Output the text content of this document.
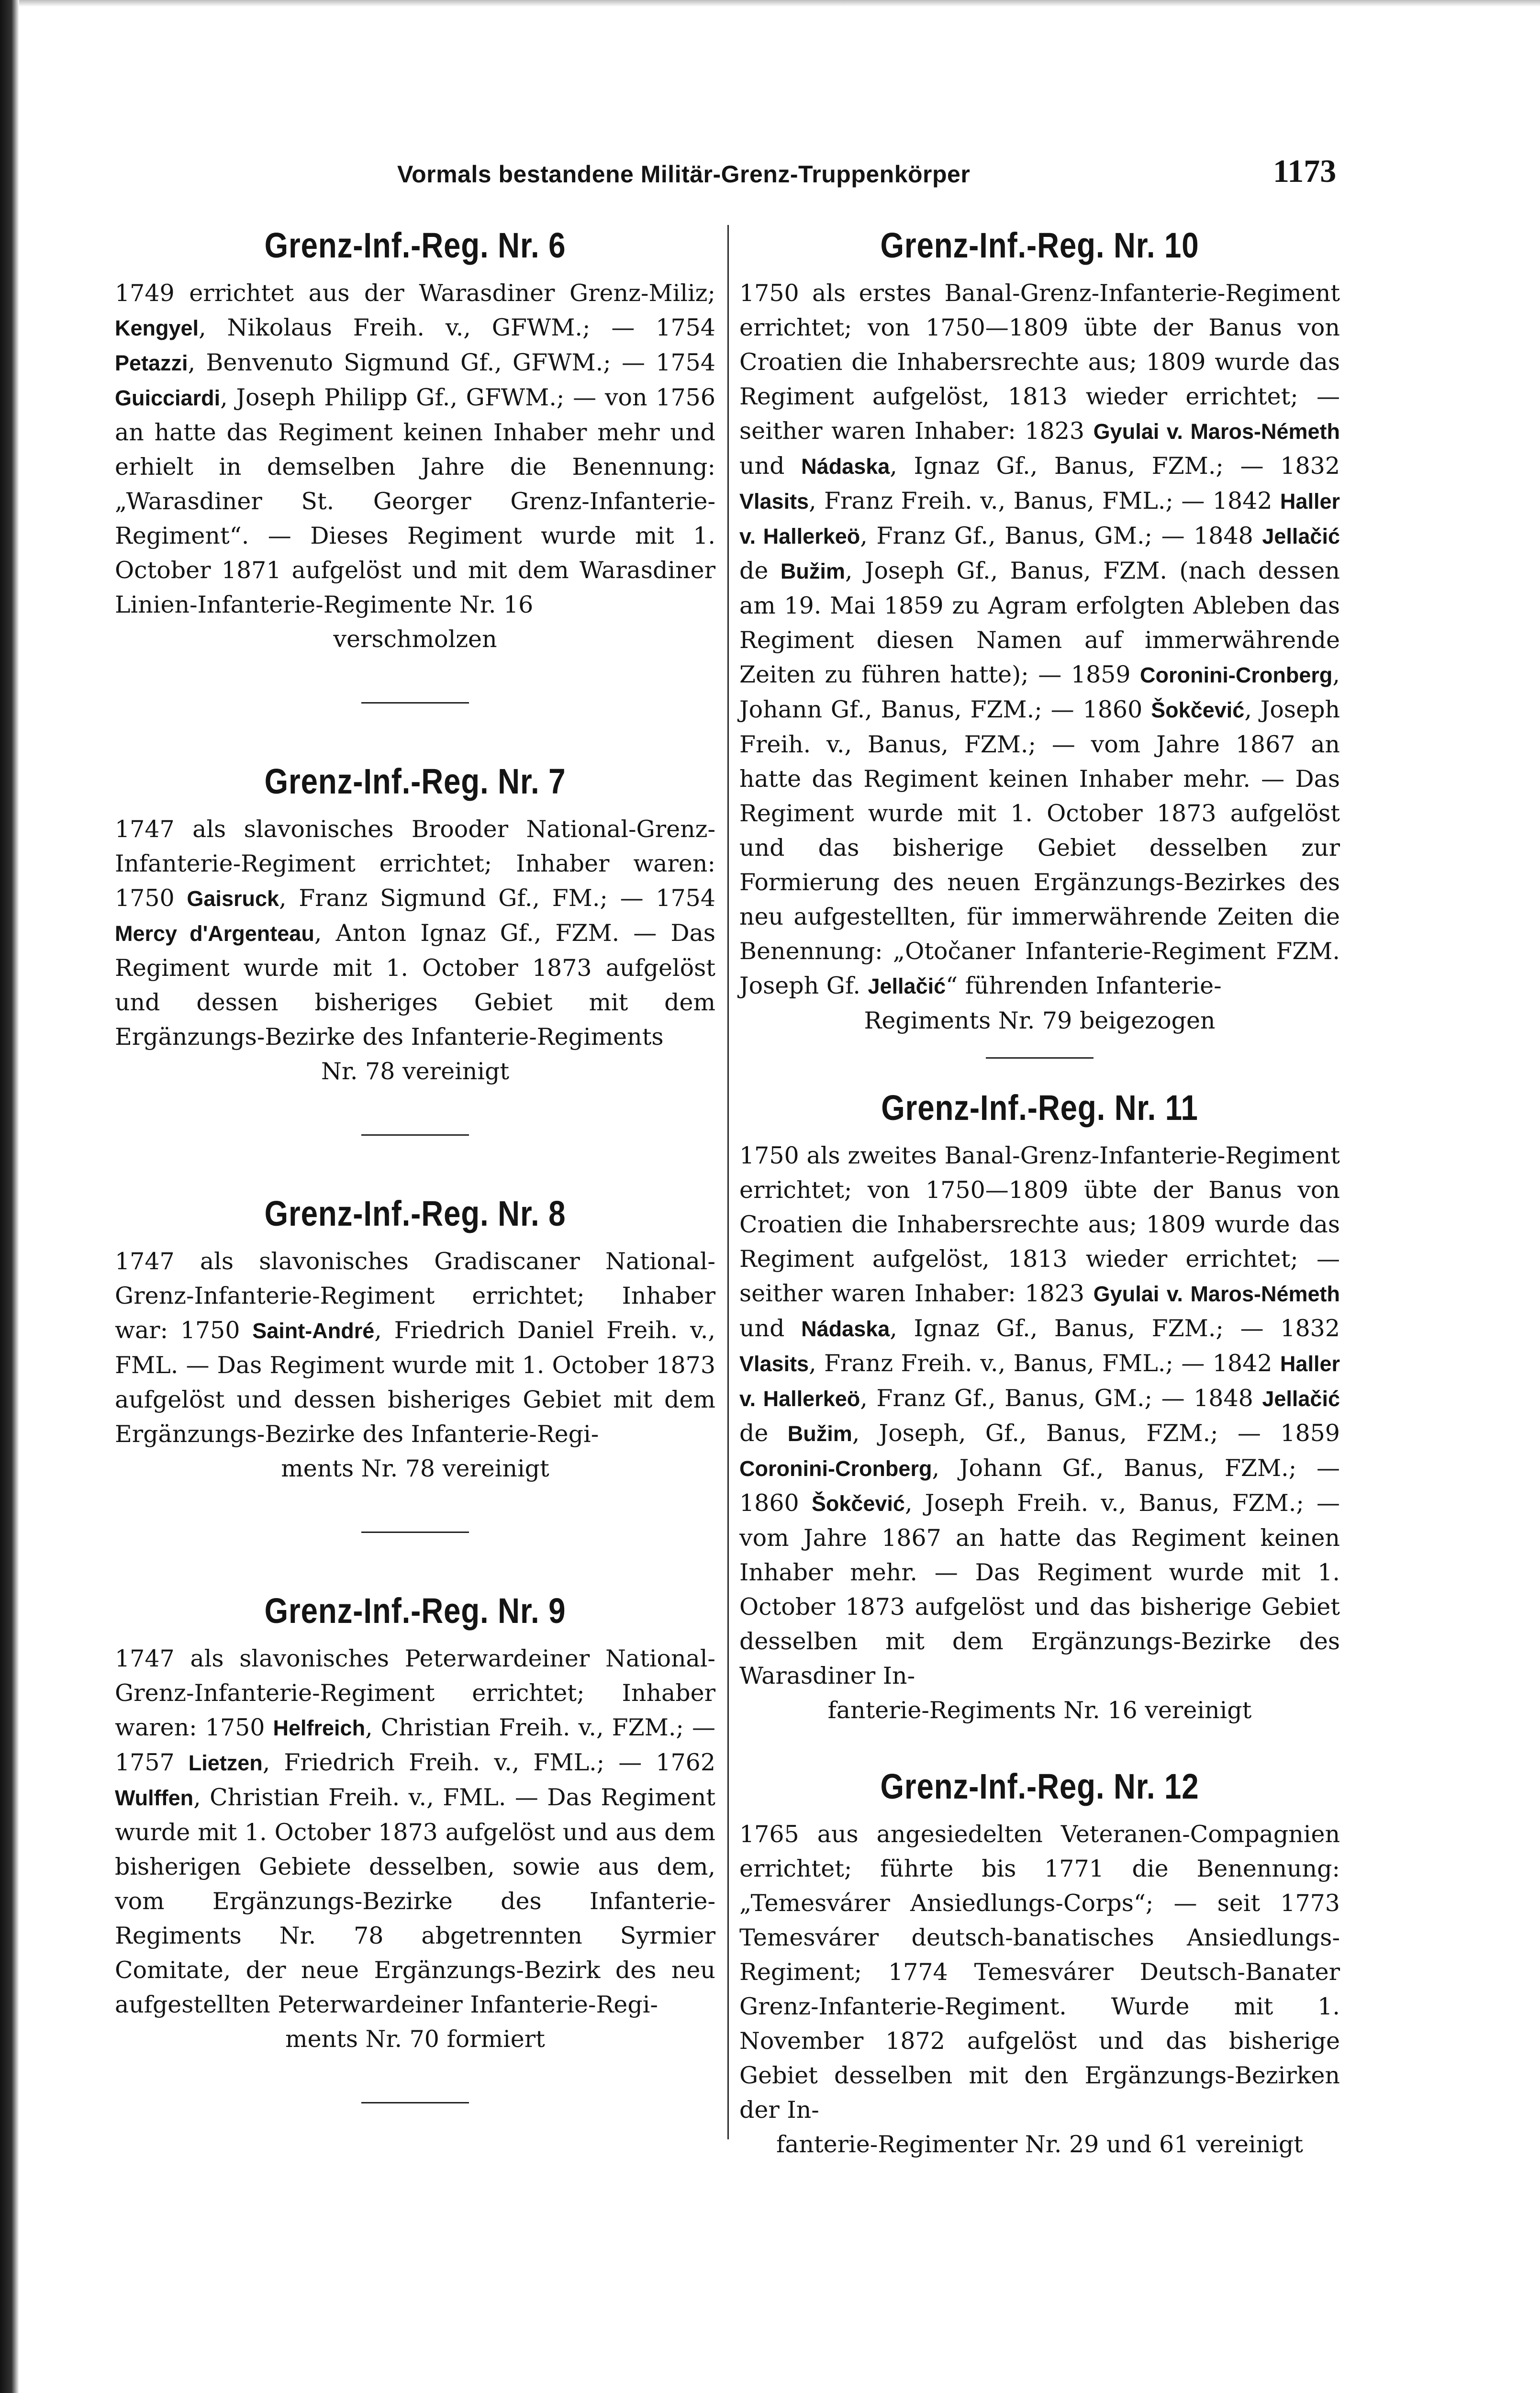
Vormals bestandene Militär-Grenz-Truppenkörper	1173
Grenz-Inf.-Reg. Nr. 6

1749 errichtet aus der Warasdiner Grenz-Miliz; Kengyel, Nikolaus Freih. v., GFWM.; — 1754 Petazzi, Benvenuto Sigmund Gf., GFWM.; — 1754 Guicciardi, Joseph Philipp Gf., GFWM.; — von 1756 an hatte das Regiment keinen Inhaber mehr und erhielt in demselben Jahre die Benennung: „Warasdiner St. Georger Grenz-Infanterie-Regiment“. — Dieses Regiment wurde mit 1. October 1871 aufgelöst und mit dem Warasdiner Linien-Infanterie-Regimente Nr. 16

verschmolzen

Grenz-Inf.-Reg. Nr. 7

1747 als slavonisches Brooder National-Grenz-Infanterie-Regiment errichtet; Inhaber waren: 1750 Gaisruck, Franz Sigmund Gf., FM.; — 1754 Mercy d'Argenteau, Anton Ignaz Gf., FZM. — Das Regiment wurde mit 1. October 1873 aufgelöst und dessen bisheriges Gebiet mit dem Ergänzungs-Bezirke des Infanterie-Regiments

Nr. 78 vereinigt

Grenz-Inf.-Reg. Nr. 8

1747 als slavonisches Gradiscaner National-Grenz-Infanterie-Regiment errichtet; Inhaber war: 1750 Saint-André, Friedrich Daniel Freih. v., FML. — Das Regiment wurde mit 1. October 1873 aufgelöst und dessen bisheriges Gebiet mit dem Ergänzungs-Bezirke des Infanterie-Regi-

ments Nr. 78 vereinigt

Grenz-Inf.-Reg. Nr. 9

1747 als slavonisches Peterwardeiner National-Grenz-Infanterie-Regiment errichtet; Inhaber waren: 1750 Helfreich, Christian Freih. v., FZM.; — 1757 Lietzen, Friedrich Freih. v., FML.; — 1762 Wulffen, Christian Freih. v., FML. — Das Regiment wurde mit 1. October 1873 aufgelöst und aus dem bisherigen Gebiete desselben, sowie aus dem, vom Ergänzungs-Bezirke des Infanterie-Regiments Nr. 78 abgetrennten Syrmier Comitate, der neue Ergänzungs-Bezirk des neu aufgestellten Peterwardeiner Infanterie-Regi-

ments Nr. 70 formiert

Grenz-Inf.-Reg. Nr. 10

1750 als erstes Banal-Grenz-Infanterie-Regiment errichtet; von 1750—1809 übte der Banus von Croatien die Inhabersrechte aus; 1809 wurde das Regiment aufgelöst, 1813 wieder errichtet; — seither waren Inhaber: 1823 Gyulai v. Maros-Németh und Nádaska, Ignaz Gf., Banus, FZM.; — 1832 Vlasits, Franz Freih. v., Banus, FML.; — 1842 Haller v. Hallerkeö, Franz Gf., Banus, GM.; — 1848 Jellačić de Bužim, Joseph Gf., Banus, FZM. (nach dessen am 19. Mai 1859 zu Agram erfolgten Ableben das Regiment diesen Namen auf immerwährende Zeiten zu führen hatte); — 1859 Coronini-Cronberg, Johann Gf., Banus, FZM.; — 1860 Šokčević, Joseph Freih. v., Banus, FZM.; — vom Jahre 1867 an hatte das Regiment keinen Inhaber mehr. — Das Regiment wurde mit 1. October 1873 aufgelöst und das bisherige Gebiet desselben zur Formierung des neuen Ergänzungs-Bezirkes des neu aufgestellten, für immerwährende Zeiten die Benennung: „Otočaner Infanterie-Regiment FZM. Joseph Gf. Jellačić“ führenden Infanterie-

Regiments Nr. 79 beigezogen

Grenz-Inf.-Reg. Nr. 11

1750 als zweites Banal-Grenz-Infanterie-Regiment errichtet; von 1750—1809 übte der Banus von Croatien die Inhabersrechte aus; 1809 wurde das Regiment aufgelöst, 1813 wieder errichtet; — seither waren Inhaber: 1823 Gyulai v. Maros-Németh und Nádaska, Ignaz Gf., Banus, FZM.; — 1832 Vlasits, Franz Freih. v., Banus, FML.; — 1842 Haller v. Hallerkeö, Franz Gf., Banus, GM.; — 1848 Jellačić de Bužim, Joseph, Gf., Banus, FZM.; — 1859 Coronini-Cronberg, Johann Gf., Banus, FZM.; — 1860 Šokčević, Joseph Freih. v., Banus, FZM.; — vom Jahre 1867 an hatte das Regiment keinen Inhaber mehr. — Das Regiment wurde mit 1. October 1873 aufgelöst und das bisherige Gebiet desselben mit dem Ergänzungs-Bezirke des Warasdiner In-

fanterie-Regiments Nr. 16 vereinigt

Grenz-Inf.-Reg. Nr. 12

1765 aus angesiedelten Veteranen-Compagnien errichtet; führte bis 1771 die Benennung: „Temesvárer Ansiedlungs-Corps“; — seit 1773 Temesvárer deutsch-banatisches Ansiedlungs-Regiment; 1774 Temesvárer Deutsch-Banater Grenz-Infanterie-Regiment. Wurde mit 1. November 1872 aufgelöst und das bisherige Gebiet desselben mit den Ergänzungs-Bezirken der In-

fanterie-Regimenter Nr. 29 und 61 vereinigt
